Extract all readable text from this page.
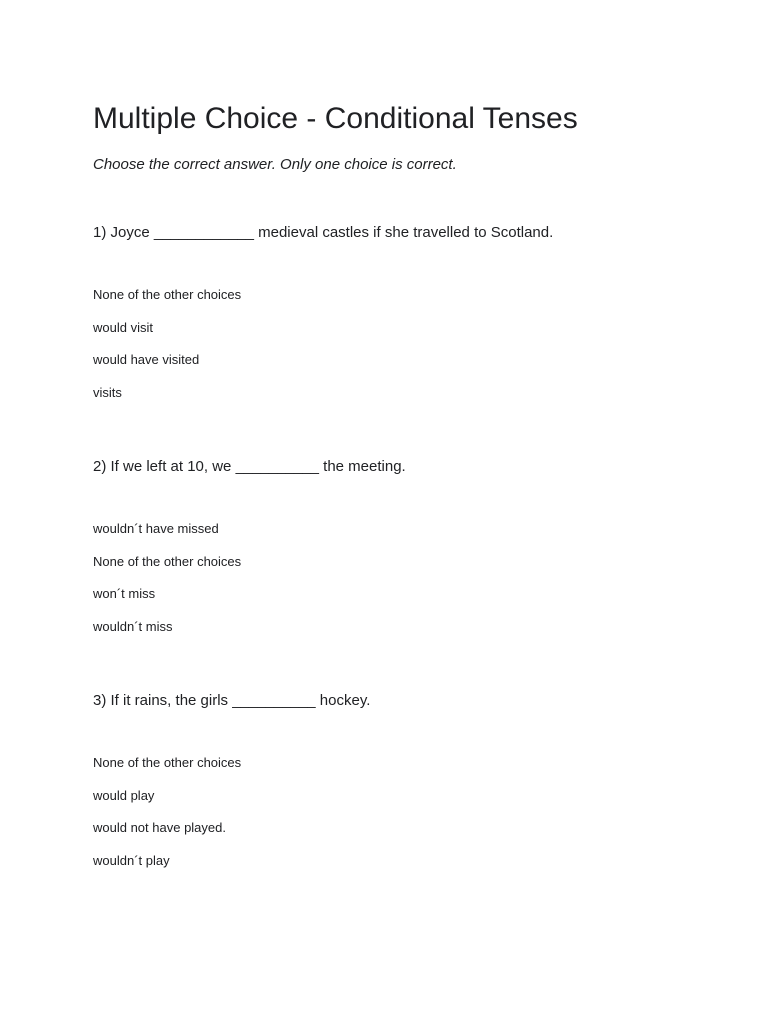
Multiple Choice - Conditional Tenses

Choose the correct answer. Only one choice is correct.

1) Joyce ____________ medieval castles if she travelled to Scotland.

None of the other choices
would visit
would have visited
visits

2) If we left at 10, we __________ the meeting.

wouldn´t have missed
None of the other choices
won´t miss
wouldn´t miss

3) If it rains, the girls __________ hockey.

None of the other choices
would play
would not have played.
wouldn´t play
